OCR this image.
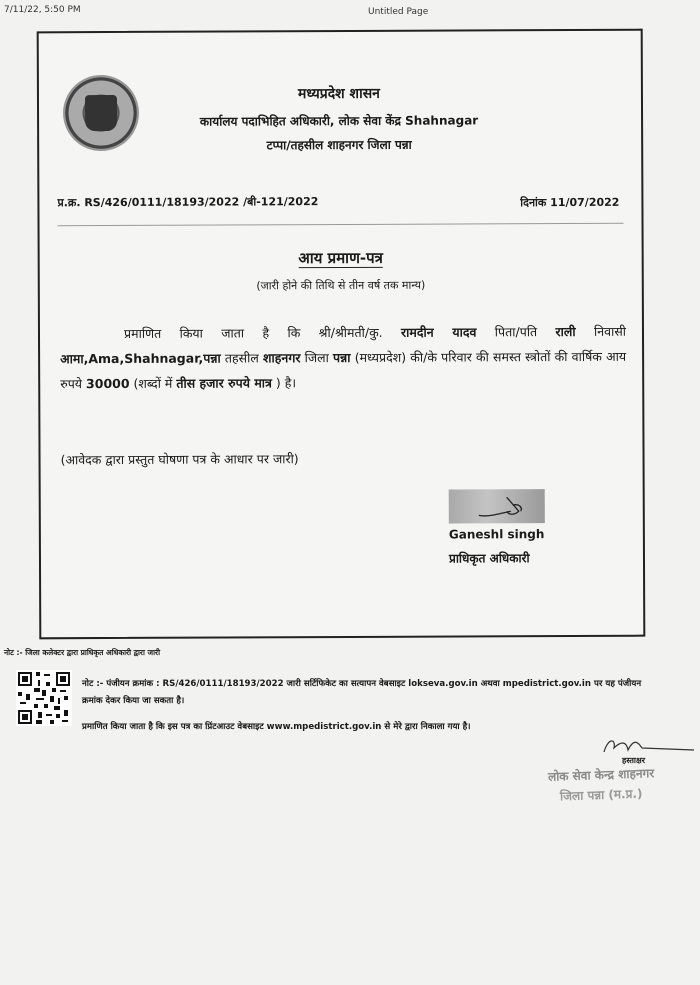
7/11/22, 5:50 PM	Untitled Page
मध्यप्रदेश शासन
कार्यालय पदाभिहित अधिकारी, लोक सेवा केंद्र Shahnagar
टप्पा/तहसील शाहनगर जिला पन्ना
प्र.क्र. RS/426/0111/18193/2022 /बी-121/2022	दिनांक 11/07/2022
आय प्रमाण-पत्र
(जारी होने की तिथि से तीन वर्ष तक मान्य)
प्रमाणित किया जाता है कि श्री/श्रीमती/कु. रामदीन यादव पिता/पति राली निवासी आमा,Ama,Shahnagar,पन्ना तहसील शाहनगर जिला पन्ना (मध्यप्रदेश) की/के परिवार की समस्त स्त्रोतों की वार्षिक आय रुपये 30000 (शब्दों में तीस हजार रुपये मात्र ) है।
(आवेदक द्वारा प्रस्तुत घोषणा पत्र के आधार पर जारी)
Ganeshl singh
प्राधिकृत अधिकारी
नोट :- जिला कलेक्टर द्वारा प्राधिकृत अधिकारी द्वारा जारी
नोट :- पंजीयन क्रमांक : RS/426/0111/18193/2022 जारी सर्टिफिकेट का सत्यापन वेबसाइट lokseva.gov.in अथवा mpedistrict.gov.in पर यह पंजीयन क्रमांक देकर किया जा सकता है।
प्रमाणित किया जाता है कि इस पत्र का प्रिंटआउट वेबसाइट www.mpedistrict.gov.in से मेरे द्वारा निकाला गया है।
हस्ताक्षर
लोक सेवा केन्द्र शाहनगर
जिला पन्ना (म.प्र.)
